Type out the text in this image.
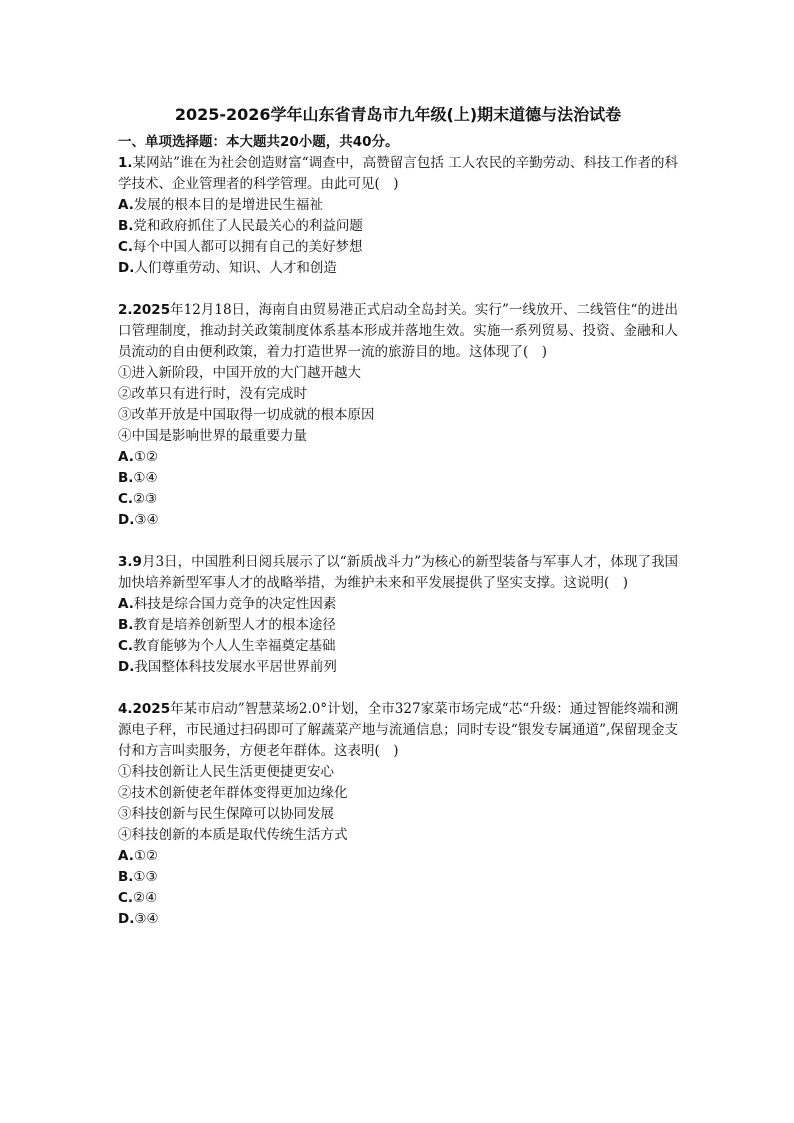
2025-2026学年山东省青岛市九年级(上)期末道德与法治试卷
一、单项选择题：本大题共20小题，共40分。

1.某网站”谁在为社会创造财富“调查中，高赞留言包括 工人农民的辛勤劳动、科技工作者的科学技术、企业管理者的科学管理。由此可见( )

A.发展的根本目的是增进民生福祉

B.党和政府抓住了人民最关心的利益问题

C.每个中国人都可以拥有自己的美好梦想

D.人们尊重劳动、知识、人才和创造

2.2025年12月18日，海南自由贸易港正式启动全岛封关。实行”一线放开、二线管住“的进出口管理制度，推动封关政策制度体系基本形成并落地生效。实施一系列贸易、投资、金融和人员流动的自由便利政策，着力打造世界一流的旅游目的地。这体现了( )

①进入新阶段，中国开放的大门越开越大

②改革只有进行时，没有完成时

③改革开放是中国取得一切成就的根本原因

④中国是影响世界的最重要力量

A.①②

B.①④

C.②③

D.③④

3.9月3日，中国胜利日阅兵展示了以“新质战斗力”为核心的新型装备与军事人才，体现了我国加快培养新型军事人才的战略举措，为维护未来和平发展提供了坚实支撑。这说明( )

A.科技是综合国力竞争的决定性因素

B.教育是培养创新型人才的根本途径

C.教育能够为个人人生幸福奠定基础

D.我国整体科技发展水平居世界前列

4.2025年某市启动”智慧菜场2.0°计划，全市327家菜市场完成“芯“升级：通过智能终端和溯源电子秤，市民通过扫码即可了解蔬菜产地与流通信息；同时专设“银发专属通道”,保留现金支付和方言叫卖服务，方便老年群体。这表明( )

①科技创新让人民生活更便捷更安心

②技术创新使老年群体变得更加边缘化

③科技创新与民生保障可以协同发展

④科技创新的本质是取代传统生活方式

A.①②

B.①③

C.②④

D.③④
